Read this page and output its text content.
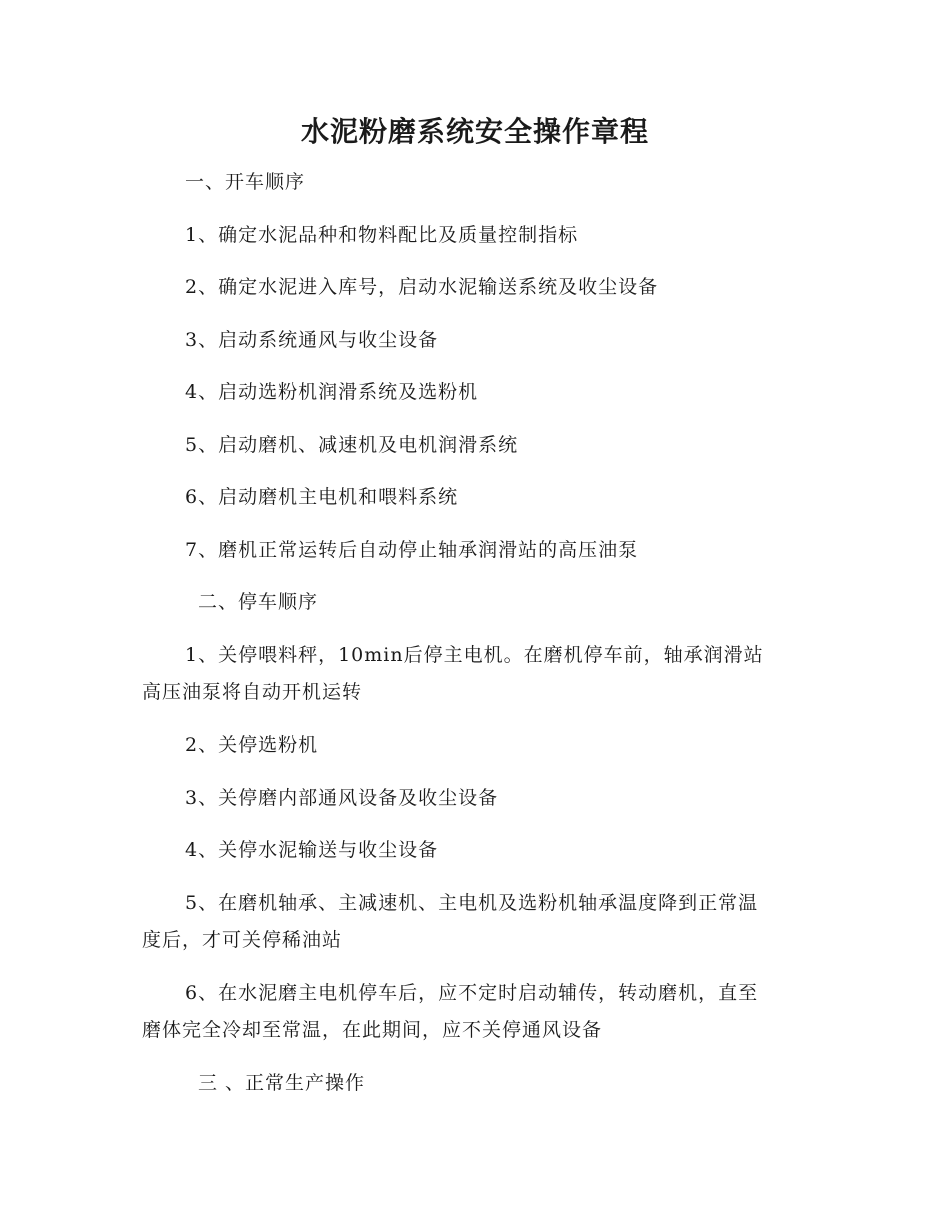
水泥粉磨系统安全操作章程
一、开车顺序
1、确定水泥品种和物料配比及质量控制指标
2、确定水泥进入库号，启动水泥输送系统及收尘设备
3、启动系统通风与收尘设备
4、启动选粉机润滑系统及选粉机
5、启动磨机、减速机及电机润滑系统
6、启动磨机主电机和喂料系统
7、磨机正常运转后自动停止轴承润滑站的高压油泵
二、停车顺序
1、关停喂料秤，10min后停主电机。在磨机停车前，轴承润滑站
高压油泵将自动开机运转
2、关停选粉机
3、关停磨内部通风设备及收尘设备
4、关停水泥输送与收尘设备
5、在磨机轴承、主减速机、主电机及选粉机轴承温度降到正常温
度后，才可关停稀油站
6、在水泥磨主电机停车后，应不定时启动辅传，转动磨机，直至
磨体完全冷却至常温，在此期间，应不关停通风设备
三 、正常生产操作
